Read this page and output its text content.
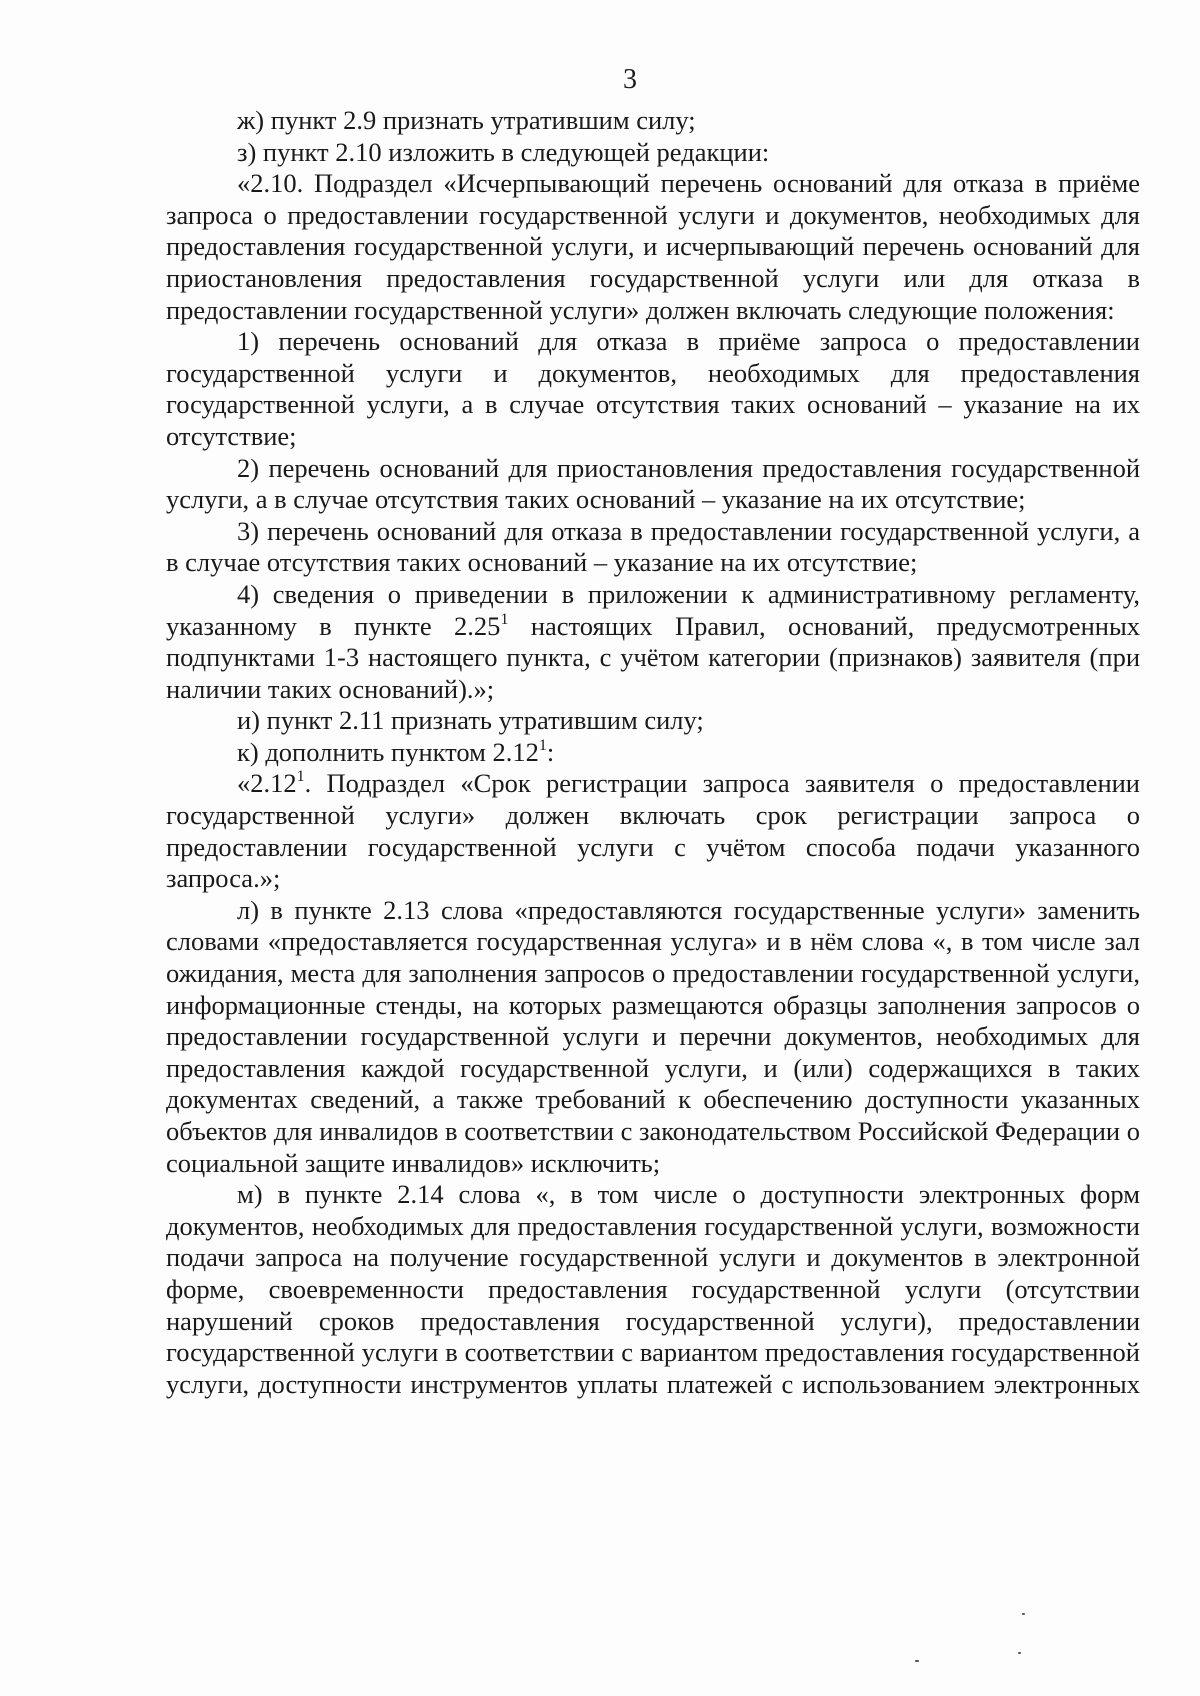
3

ж) пункт 2.9 признать утратившим силу;

з) пункт 2.10 изложить в следующей редакции:

«2.10. Подраздел «Исчерпывающий перечень оснований для отказа в приёме запроса о предоставлении государственной услуги и документов, необходимых для предоставления государственной услуги, и исчерпывающий перечень оснований для приостановления предоставления государственной услуги или для отказа в предоставлении государственной услуги» должен включать следующие положения:

1) перечень оснований для отказа в приёме запроса о предоставлении государственной услуги и документов, необходимых для предоставления государственной услуги, а в случае отсутствия таких оснований – указание на их отсутствие;

2) перечень оснований для приостановления предоставления государственной услуги, а в случае отсутствия таких оснований – указание на их отсутствие;

3) перечень оснований для отказа в предоставлении государственной услуги, а в случае отсутствия таких оснований – указание на их отсутствие;

4) сведения о приведении в приложении к административному регламенту, указанному в пункте 2.25$^1$ настоящих Правил, оснований, предусмотренных подпунктами 1-3 настоящего пункта, с учётом категории (признаков) заявителя (при наличии таких оснований).»;

и) пункт 2.11 признать утратившим силу;

к) дополнить пунктом 2.12$^1$:

«2.12$^1$. Подраздел «Срок регистрации запроса заявителя о предоставлении государственной услуги» должен включать срок регистрации запроса о предоставлении государственной услуги с учётом способа подачи указанного запроса.»;

л) в пункте 2.13 слова «предоставляются государственные услуги» заменить словами «предоставляется государственная услуга» и в нём слова «, в том числе зал ожидания, места для заполнения запросов о предоставлении государственной услуги, информационные стенды, на которых размещаются образцы заполнения запросов о предоставлении государственной услуги и перечни документов, необходимых для предоставления каждой государственной услуги, и (или) содержащихся в таких документах сведений, а также требований к обеспечению доступности указанных объектов для инвалидов в соответствии с законодательством Российской Федерации о социальной защите инвалидов» исключить;

м) в пункте 2.14 слова «, в том числе о доступности электронных форм документов, необходимых для предоставления государственной услуги, возможности подачи запроса на получение государственной услуги и документов в электронной форме, своевременности предоставления государственной услуги (отсутствии нарушений сроков предоставления государственной услуги), предоставлении государственной услуги в соответствии с вариантом предоставления государственной услуги, доступности инструментов уплаты платежей с использованием электронных
